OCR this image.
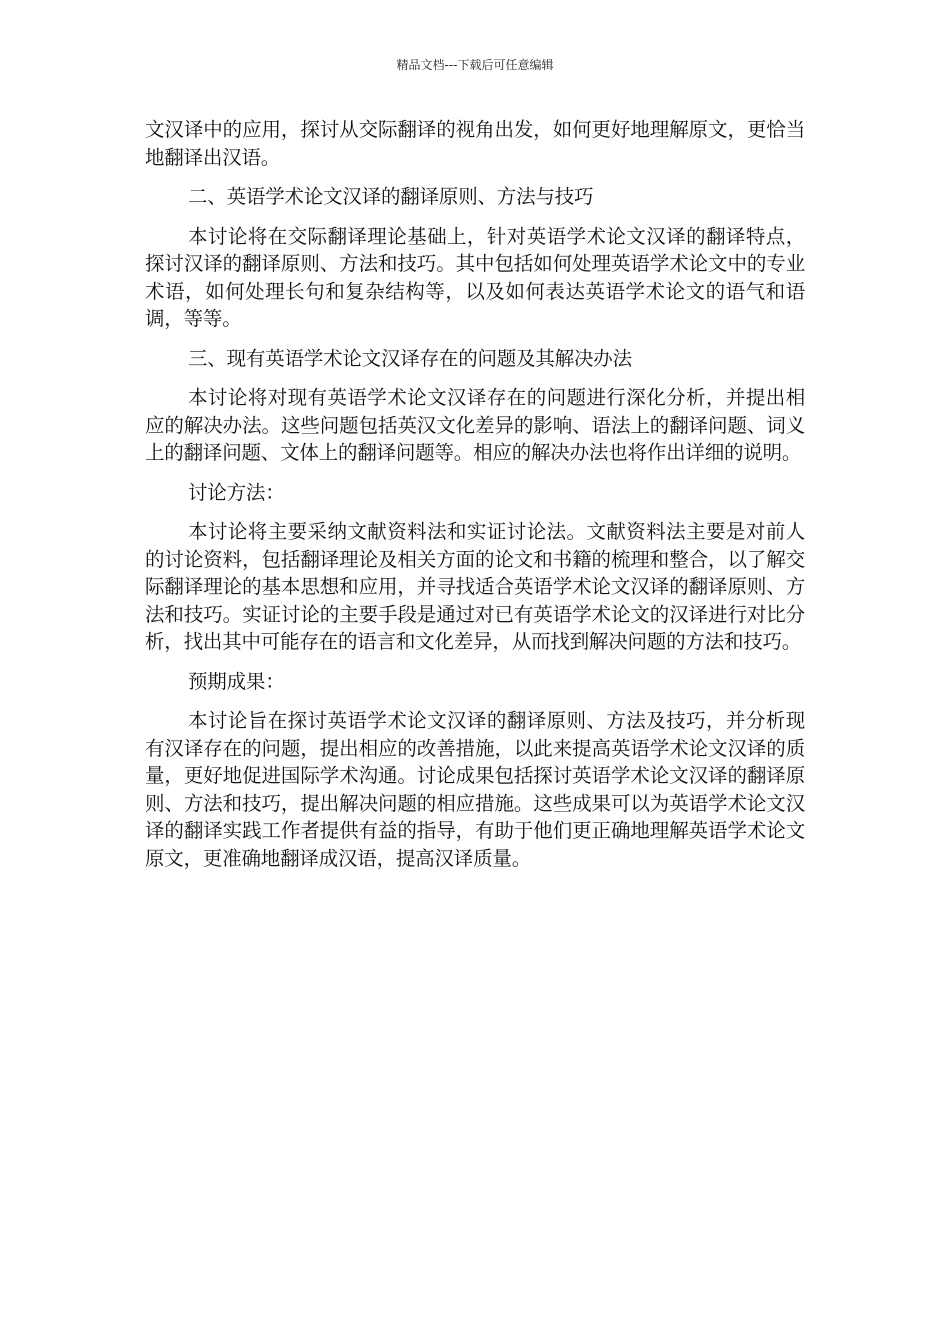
精品文档---下载后可任意编辑

文汉译中的应用，探讨从交际翻译的视角出发，如何更好地理解原文，更恰当地翻译出汉语。

二、英语学术论文汉译的翻译原则、方法与技巧

本讨论将在交际翻译理论基础上，针对英语学术论文汉译的翻译特点，探讨汉译的翻译原则、方法和技巧。其中包括如何处理英语学术论文中的专业术语，如何处理长句和复杂结构等，以及如何表达英语学术论文的语气和语调，等等。

三、现有英语学术论文汉译存在的问题及其解决办法

本讨论将对现有英语学术论文汉译存在的问题进行深化分析，并提出相应的解决办法。这些问题包括英汉文化差异的影响、语法上的翻译问题、词义上的翻译问题、文体上的翻译问题等。相应的解决办法也将作出详细的说明。

讨论方法：

本讨论将主要采纳文献资料法和实证讨论法。文献资料法主要是对前人的讨论资料，包括翻译理论及相关方面的论文和书籍的梳理和整合，以了解交际翻译理论的基本思想和应用，并寻找适合英语学术论文汉译的翻译原则、方法和技巧。实证讨论的主要手段是通过对已有英语学术论文的汉译进行对比分析，找出其中可能存在的语言和文化差异，从而找到解决问题的方法和技巧。

预期成果：

本讨论旨在探讨英语学术论文汉译的翻译原则、方法及技巧，并分析现有汉译存在的问题，提出相应的改善措施，以此来提高英语学术论文汉译的质量，更好地促进国际学术沟通。讨论成果包括探讨英语学术论文汉译的翻译原则、方法和技巧，提出解决问题的相应措施。这些成果可以为英语学术论文汉译的翻译实践工作者提供有益的指导，有助于他们更正确地理解英语学术论文原文，更准确地翻译成汉语，提高汉译质量。
